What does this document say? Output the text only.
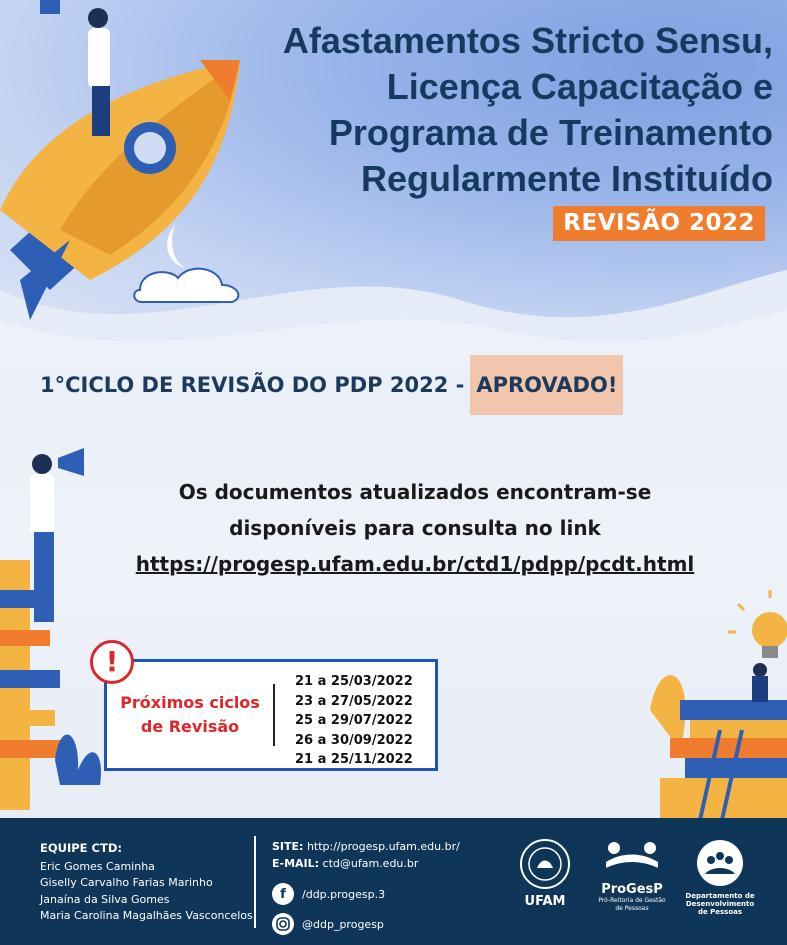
Afastamentos Stricto Sensu,
Licença Capacitação e
Programa de Treinamento
Regularmente Instituído
REVISÃO 2022
1°CICLO DE REVISÃO DO PDP 2022 - APROVADO!
Os documentos atualizados encontram-se
disponíveis para consulta no link
https://progesp.ufam.edu.br/ctd1/pdpp/pcdt.html
Próximos ciclos
de Revisão
21 a 25/03/2022
23 a 27/05/2022
25 a 29/07/2022
26 a 30/09/2022
21 a 25/11/2022
!
EQUIPE CTD:
Eric Gomes Caminha
Giselly Carvalho Farias Marinho
Janaína da Silva Gomes
Maria Carolina Magalhães Vasconcelos
SITE: http://progesp.ufam.edu.br/
E-MAIL: ctd@ufam.edu.br
f	/ddp.progesp.3
@ddp_progesp
UFAM
ProGesP
Pró-Reitoria de Gestão de Pessoas
Departamento de
Desenvolvimento
de Pessoas
